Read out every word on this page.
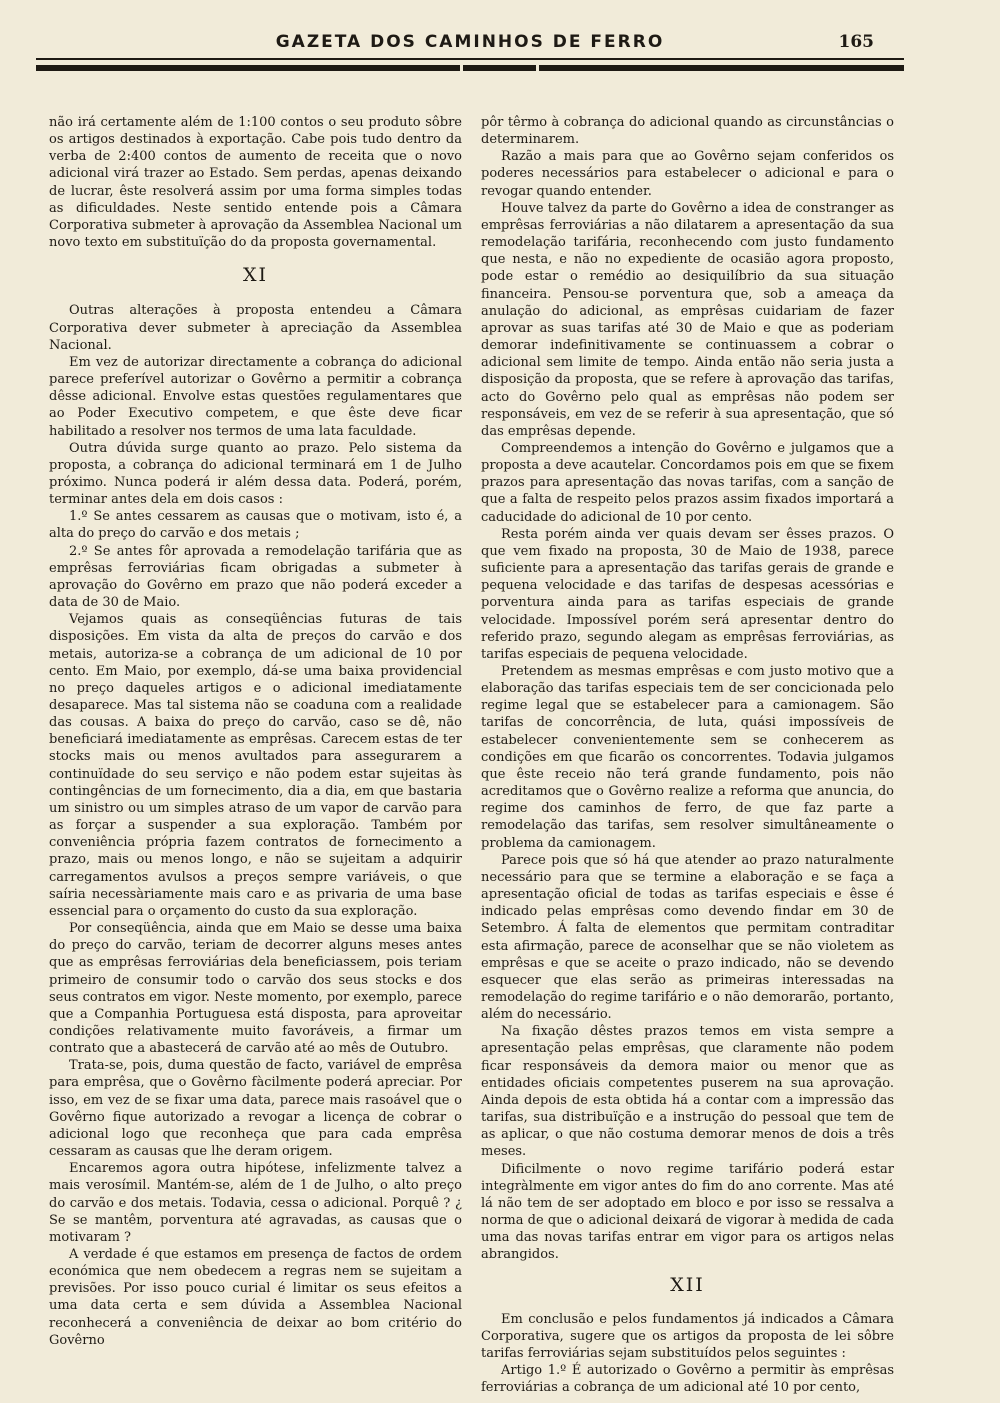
GAZETA DOS CAMINHOS DE FERRO	165

não irá certamente além de 1:100 contos o seu produto sôbre os artigos destinados à exportação. Cabe pois tudo dentro da verba de 2:400 contos de aumento de receita que o novo adicional virá trazer ao Estado. Sem perdas, apenas deixando de lucrar, êste resolverá assim por uma forma simples todas as dificuldades. Neste sentido entende pois a Câmara Corporativa submeter à aprovação da Assemblea Nacional um novo texto em substituïção do da proposta governamental.

XI

Outras alterações à proposta entendeu a Câmara Corporativa dever submeter à apreciação da Assemblea Nacional.

Em vez de autorizar directamente a cobrança do adicional parece preferível autorizar o Govêrno a permitir a cobrança dêsse adicional. Envolve estas questões regulamentares que ao Poder Executivo competem, e que êste deve ficar habilitado a resolver nos termos de uma lata faculdade.

Outra dúvida surge quanto ao prazo. Pelo sistema da proposta, a cobrança do adicional terminará em 1 de Julho próximo. Nunca poderá ir além dessa data. Poderá, porém, terminar antes dela em dois casos :

1.º Se antes cessarem as causas que o motivam, isto é, a alta do preço do carvão e dos metais ;

2.º Se antes fôr aprovada a remodelação tarifária que as emprêsas ferroviárias ficam obrigadas a submeter à aprovação do Govêrno em prazo que não poderá exceder a data de 30 de Maio.

Vejamos quais as conseqüências futuras de tais disposições. Em vista da alta de preços do carvão e dos metais, autoriza-se a cobrança de um adicional de 10 por cento. Em Maio, por exemplo, dá-se uma baixa providencial no preço daqueles artigos e o adicional imediatamente desaparece. Mas tal sistema não se coaduna com a realidade das cousas. A baixa do preço do carvão, caso se dê, não beneficiará imediatamente as emprêsas. Carecem estas de ter stocks mais ou menos avultados para assegurarem a continuïdade do seu serviço e não podem estar sujeitas às contingências de um fornecimento, dia a dia, em que bastaria um sinistro ou um simples atraso de um vapor de carvão para as forçar a suspender a sua exploração. Também por conveniência própria fazem contratos de fornecimento a prazo, mais ou menos longo, e não se sujeitam a adquirir carregamentos avulsos a preços sempre variáveis, o que saíria necessàriamente mais caro e as privaria de uma base essencial para o orçamento do custo da sua exploração.

Por conseqüência, ainda que em Maio se desse uma baixa do preço do carvão, teriam de decorrer alguns meses antes que as emprêsas ferroviárias dela beneficiassem, pois teriam primeiro de consumir todo o carvão dos seus stocks e dos seus contratos em vigor. Neste momento, por exemplo, parece que a Companhia Portuguesa está disposta, para aproveitar condições relativamente muito favoráveis, a firmar um contrato que a abastecerá de carvão até ao mês de Outubro.

Trata-se, pois, duma questão de facto, variável de emprêsa para emprêsa, que o Govêrno fàcilmente poderá apreciar. Por isso, em vez de se fixar uma data, parece mais rasoável que o Govêrno fique autorizado a revogar a licença de cobrar o adicional logo que reconheça que para cada emprêsa cessaram as causas que lhe deram origem.

Encaremos agora outra hipótese, infelizmente talvez a mais verosímil. Mantém-se, além de 1 de Julho, o alto preço do carvão e dos metais. Todavia, cessa o adicional. Porquê ? ¿ Se se mantêm, porventura até agravadas, as causas que o motivaram ?

A verdade é que estamos em presença de factos de ordem económica que nem obedecem a regras nem se sujeitam a previsões. Por isso pouco curial é limitar os seus efeitos a uma data certa e sem dúvida a Assemblea Nacional reconhecerá a conveniência de deixar ao bom critério do Govêrno

pôr têrmo à cobrança do adicional quando as circunstâncias o determinarem.

Razão a mais para que ao Govêrno sejam conferidos os poderes necessários para estabelecer o adicional e para o revogar quando entender.

Houve talvez da parte do Govêrno a idea de constranger as emprêsas ferroviárias a não dilatarem a apresentação da sua remodelação tarifária, reconhecendo com justo fundamento que nesta, e não no expediente de ocasião agora proposto, pode estar o remédio ao desiquilíbrio da sua situação financeira. Pensou-se porventura que, sob a ameaça da anulação do adicional, as emprêsas cuidariam de fazer aprovar as suas tarifas até 30 de Maio e que as poderiam demorar indefinitivamente se continuassem a cobrar o adicional sem limite de tempo. Ainda então não seria justa a disposição da proposta, que se refere à aprovação das tarifas, acto do Govêrno pelo qual as emprêsas não podem ser responsáveis, em vez de se referir à sua apresentação, que só das emprêsas depende.

Compreendemos a intenção do Govêrno e julgamos que a proposta a deve acautelar. Concordamos pois em que se fixem prazos para apresentação das novas tarifas, com a sanção de que a falta de respeito pelos prazos assim fixados importará a caducidade do adicional de 10 por cento.

Resta porém ainda ver quais devam ser êsses prazos. O que vem fixado na proposta, 30 de Maio de 1938, parece suficiente para a apresentação das tarifas gerais de grande e pequena velocidade e das tarifas de despesas acessórias e porventura ainda para as tarifas especiais de grande velocidade. Impossível porém será apresentar dentro do referido prazo, segundo alegam as emprêsas ferroviárias, as tarifas especiais de pequena velocidade.

Pretendem as mesmas emprêsas e com justo motivo que a elaboração das tarifas especiais tem de ser concicionada pelo regime legal que se estabelecer para a camionagem. São tarifas de concorrência, de luta, quási impossíveis de estabelecer convenientemente sem se conhecerem as condições em que ficarão os concorrentes. Todavia julgamos que êste receio não terá grande fundamento, pois não acreditamos que o Govêrno realize a reforma que anuncia, do regime dos caminhos de ferro, de que faz parte a remodelação das tarifas, sem resolver simultâneamente o problema da camionagem.

Parece pois que só há que atender ao prazo naturalmente necessário para que se termine a elaboração e se faça a apresentação oficial de todas as tarifas especiais e êsse é indicado pelas emprêsas como devendo findar em 30 de Setembro. Á falta de elementos que permitam contraditar esta afirmação, parece de aconselhar que se não violetem as emprêsas e que se aceite o prazo indicado, não se devendo esquecer que elas serão as primeiras interessadas na remodelação do regime tarifário e o não demorarão, portanto, além do necessário.

Na fixação dêstes prazos temos em vista sempre a apresentação pelas emprêsas, que claramente não podem ficar responsáveis da demora maior ou menor que as entidades oficiais competentes puserem na sua aprovação. Ainda depois de esta obtida há a contar com a impressão das tarifas, sua distribuïção e a instrução do pessoal que tem de as aplicar, o que não costuma demorar menos de dois a três meses.

Dificilmente o novo regime tarifário poderá estar integràlmente em vigor antes do fim do ano corrente. Mas até lá não tem de ser adoptado em bloco e por isso se ressalva a norma de que o adicional deixará de vigorar à medida de cada uma das novas tarifas entrar em vigor para os artigos nelas abrangidos.

XII

Em conclusão e pelos fundamentos já indicados a Câmara Corporativa, sugere que os artigos da proposta de lei sôbre tarifas ferroviárias sejam substituídos pelos seguintes :

Artigo 1.º É autorizado o Govêrno a permitir às emprêsas ferroviárias a cobrança de um adicional até 10 por cento,
